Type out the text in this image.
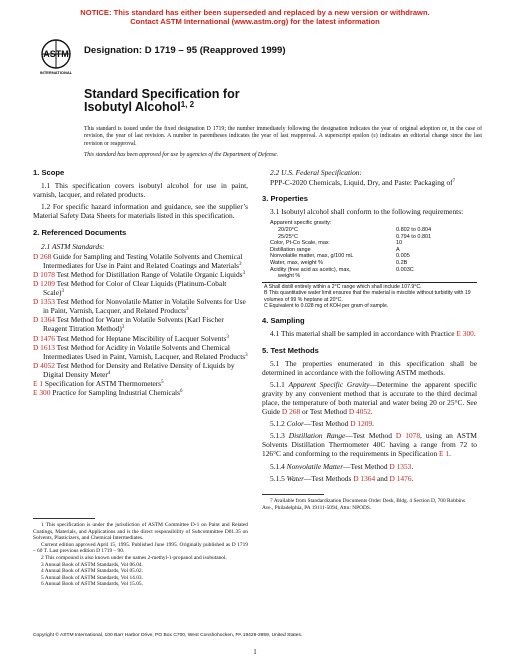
NOTICE: This standard has either been superseded and replaced by a new version or withdrawn.
Contact ASTM International (www.astm.org) for the latest information
ASTM
INTERNATIONAL
Designation: D 1719 – 95 (Reapproved 1999)
Standard Specification for
Isobutyl Alcohol$^{1, 2}$
This standard is issued under the fixed designation D 1719; the number immediately following the designation indicates the year of original adoption or, in the case of revision, the year of last revision. A number in parentheses indicates the year of last reapproval. A superscript epsilon (ε) indicates an editorial change since the last revision or reapproval.
This standard has been approved for use by agencies of the Department of Defense.
1. Scope

1.1 This specification covers isobutyl alcohol for use in paint, varnish, lacquer, and related products.

1.2 For specific hazard information and guidance, see the supplier’s Material Safety Data Sheets for materials listed in this specification.

2. Referenced Documents

2.1 ASTM Standards:

D 268 Guide for Sampling and Testing Volatile Solvents and Chemical Intermediates for Use in Paint and Related Coatings and Materials$^3$

D 1078 Test Method for Distillation Range of Volatile Organic Liquids$^3$

D 1209 Test Method for Color of Clear Liquids (Platinum-Cobalt Scale)$^3$

D 1353 Test Method for Nonvolatile Matter in Volatile Solvents for Use in Paint, Varnish, Lacquer, and Related Products$^3$

D 1364 Test Method for Water in Volatile Solvents (Karl Fischer Reagent Titration Method)$^3$

D 1476 Test Method for Heptane Miscibility of Lacquer Solvents$^3$

D 1613 Test Method for Acidity in Volatile Solvents and Chemical Intermediates Used in Paint, Varnish, Lacquer, and Related Products$^3$

D 4052 Test Method for Density and Relative Density of Liquids by Digital Density Meter$^4$

E 1 Specification for ASTM Thermometers$^5$

E 300 Practice for Sampling Industrial Chemicals$^6$

2.2 U.S. Federal Specification:

PPP-C-2020 Chemicals, Liquid, Dry, and Paste: Packaging $of^7$

3. Properties

3.1 Isobutyl alcohol shall conform to the following requirements:

Apparent specific gravity:
20/20°C	0.802 to 0.804
25/25°C	0.794 to 0.801
Color, Pt-Co Scale, max	10
Distillation range	A
Nonvolatile matter, max, g/100 mL	0.005
Water, max, weight %	0.2B
Acidity (free acid as acetic), max,	0.003C
weight %
A Shall distill entirely within a 2°C range which shall include 107.9°C.
B This quantitative water limit ensures that the material is miscible without turbidity with 19 volumes of 99 % heptane at 20°C.
C Equivalent to 0.028 mg of KOH per gram of sample.
4. Sampling

4.1 This material shall be sampled in accordance with Practice E 300.

5. Test Methods

5.1 The properties enumerated in this specification shall be determined in accordance with the following ASTM methods.

5.1.1 Apparent Specific Gravity—Determine the apparent specific gravity by any convenient method that is accurate to the third decimal place, the temperature of both material and water being 20 or 25°C. See Guide D 268 or Test Method D 4052.

5.1.2 Color—Test Method D 1209.

5.1.3 Distillation Range—Test Method D 1078, using an ASTM Solvents Distillation Thermometer 40C having a range from 72 to 126°C and conforming to the requirements in Specification E 1.

5.1.4 Nonvolatile Matter—Test Method D 1353.

5.1.5 Water—Test Methods D 1364 and D 1476.

1 This specification is under the jurisdiction of ASTM Committee D-1 on Paint and Related Coatings, Materials, and Applications and is the direct responsibility of Subcommittee D01.35 on Solvents, Plasticizers, and Chemical Intermediates.
Current edition approved April 15, 1995. Published June 1995. Originally published as D 1719 – 60 T. Last previous edition D 1719 – 90.
2 This compound is also known under the names 2-methyl-1-propanol and isobutanol.
3 Annual Book of ASTM Standards, Vol 06.04.
4 Annual Book of ASTM Standards, Vol 05.02.
5 Annual Book of ASTM Standards, Vol 14.03.
6 Annual Book of ASTM Standards, Vol 15.05.
7 Available from Standardization Documents Order Desk, Bldg. 4 Section D, 700 Robbins Ave., Philadelphia, PA 19111-5094, Attn: NPODS.
Copyright © ASTM International, 100 Barr Harbor Drive, PO Box C700, West Conshohocken, PA 19428-2959, United States.
1
